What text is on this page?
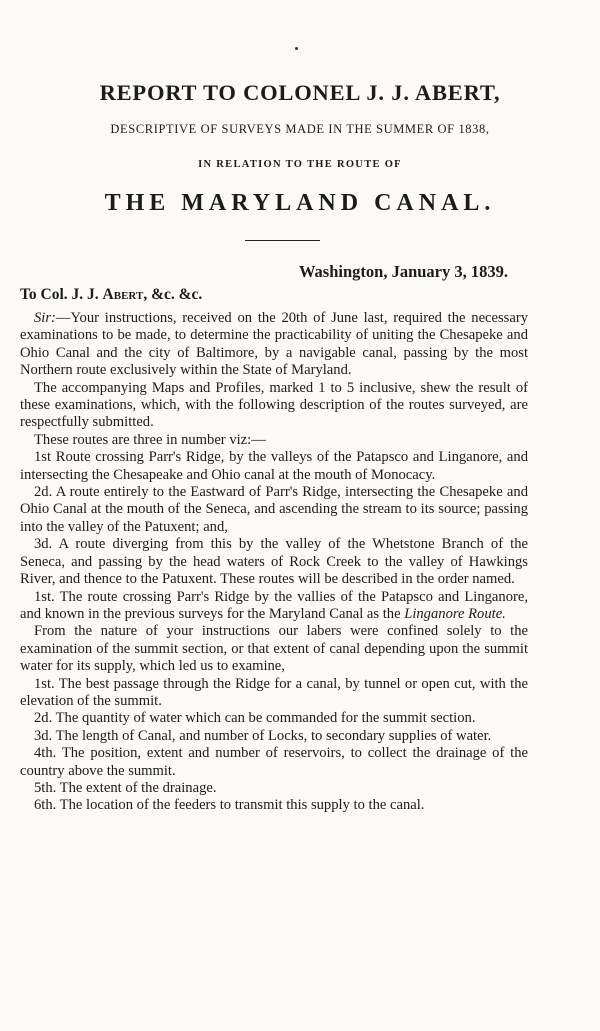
REPORT TO COLONEL J. J. ABERT,
DESCRIPTIVE OF SURVEYS MADE IN THE SUMMER OF 1838,
IN RELATION TO THE ROUTE OF
THE MARYLAND CANAL.
Washington, January 3, 1839.
To Col. J. J. Abert, &c. &c.

Sir:—Your instructions, received on the 20th of June last, required the necessary examinations to be made, to determine the practicability of uniting the Chesapeke and Ohio Canal and the city of Baltimore, by a navigable canal, passing by the most Northern route exclusively within the State of Maryland.

The accompanying Maps and Profiles, marked 1 to 5 inclusive, shew the result of these examinations, which, with the following description of the routes surveyed, are respectfully submitted.

These routes are three in number viz:—

1st Route crossing Parr's Ridge, by the valleys of the Patapsco and Linganore, and intersecting the Chesapeake and Ohio canal at the mouth of Monocacy.

2d. A route entirely to the Eastward of Parr's Ridge, intersecting the Chesapeke and Ohio Canal at the mouth of the Seneca, and ascending the stream to its source; passing into the valley of the Patuxent; and,

3d. A route diverging from this by the valley of the Whetstone Branch of the Seneca, and passing by the head waters of Rock Creek to the valley of Hawkings River, and thence to the Patuxent. These routes will be described in the order named.

1st. The route crossing Parr's Ridge by the vallies of the Patapsco and Linganore, and known in the previous surveys for the Maryland Canal as the Linganore Route.

From the nature of your instructions our labers were confined solely to the examination of the summit section, or that extent of canal depending upon the summit water for its supply, which led us to examine,

1st. The best passage through the Ridge for a canal, by tunnel or open cut, with the elevation of the summit.

2d. The quantity of water which can be commanded for the summit section.

3d. The length of Canal, and number of Locks, to secondary supplies of water.

4th. The position, extent and number of reservoirs, to collect the drainage of the country above the summit.

5th. The extent of the drainage.

6th. The location of the feeders to transmit this supply to the canal.
